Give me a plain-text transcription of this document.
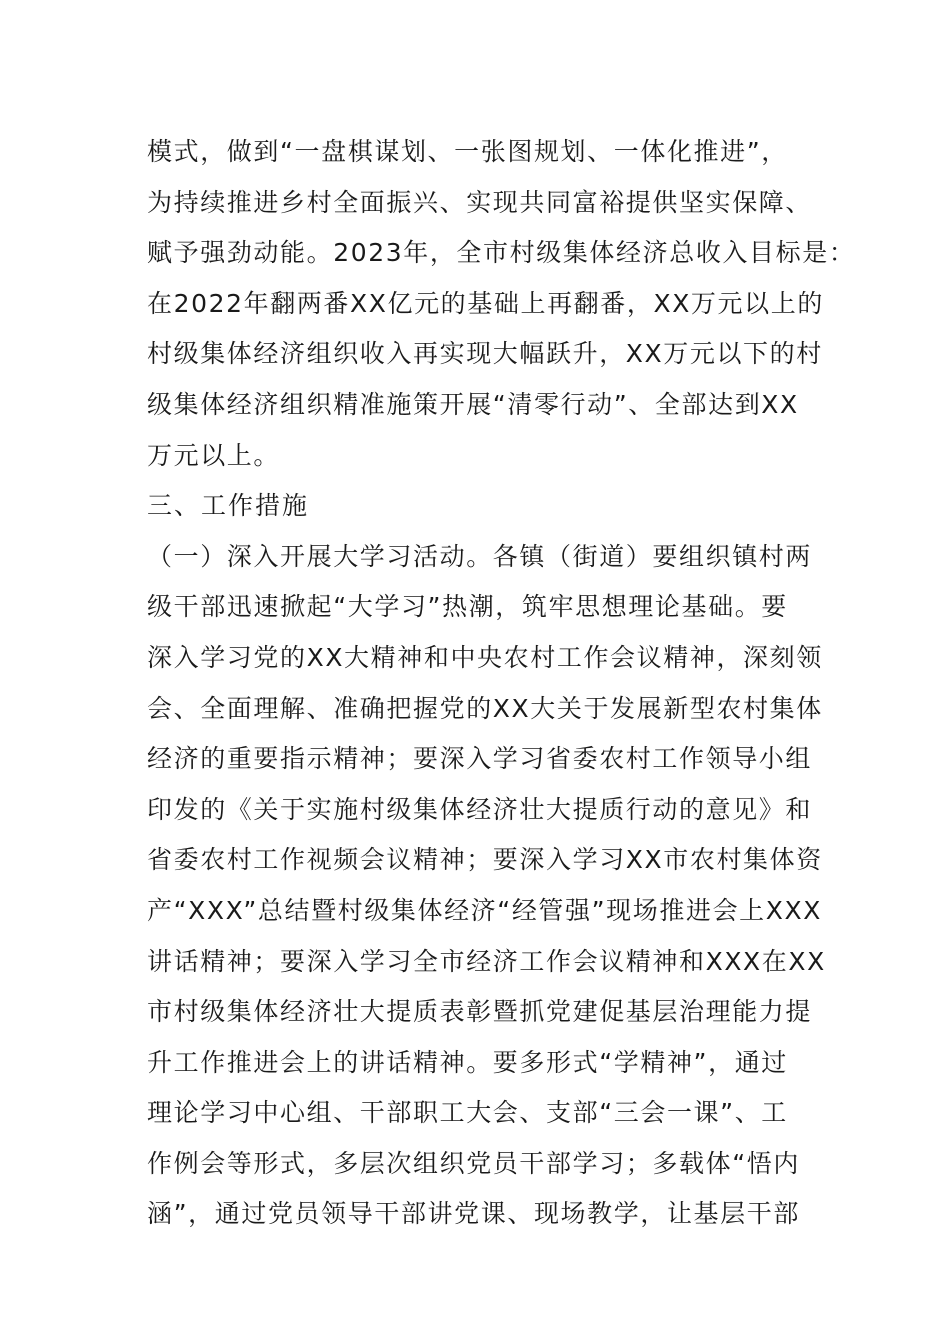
模式，做到“一盘棋谋划、一张图规划、一体化推进”，
为持续推进乡村全面振兴、实现共同富裕提供坚实保障、
赋予强劲动能。2023年，全市村级集体经济总收入目标是：
在2022年翻两番XX亿元的基础上再翻番，XX万元以上的
村级集体经济组织收入再实现大幅跃升，XX万元以下的村
级集体经济组织精准施策开展“清零行动”、全部达到XX
万元以上。
三、工作措施
（一）深入开展大学习活动。各镇（街道）要组织镇村两
级干部迅速掀起“大学习”热潮，筑牢思想理论基础。要
深入学习党的XX大精神和中央农村工作会议精神，深刻领
会、全面理解、准确把握党的XX大关于发展新型农村集体
经济的重要指示精神；要深入学习省委农村工作领导小组
印发的《关于实施村级集体经济壮大提质行动的意见》和
省委农村工作视频会议精神；要深入学习XX市农村集体资
产“XXX”总结暨村级集体经济“经管强”现场推进会上XXX
讲话精神；要深入学习全市经济工作会议精神和XXX在XX
市村级集体经济壮大提质表彰暨抓党建促基层治理能力提
升工作推进会上的讲话精神。要多形式“学精神”，通过
理论学习中心组、干部职工大会、支部“三会一课”、工
作例会等形式，多层次组织党员干部学习；多载体“悟内
涵”，通过党员领导干部讲党课、现场教学，让基层干部
